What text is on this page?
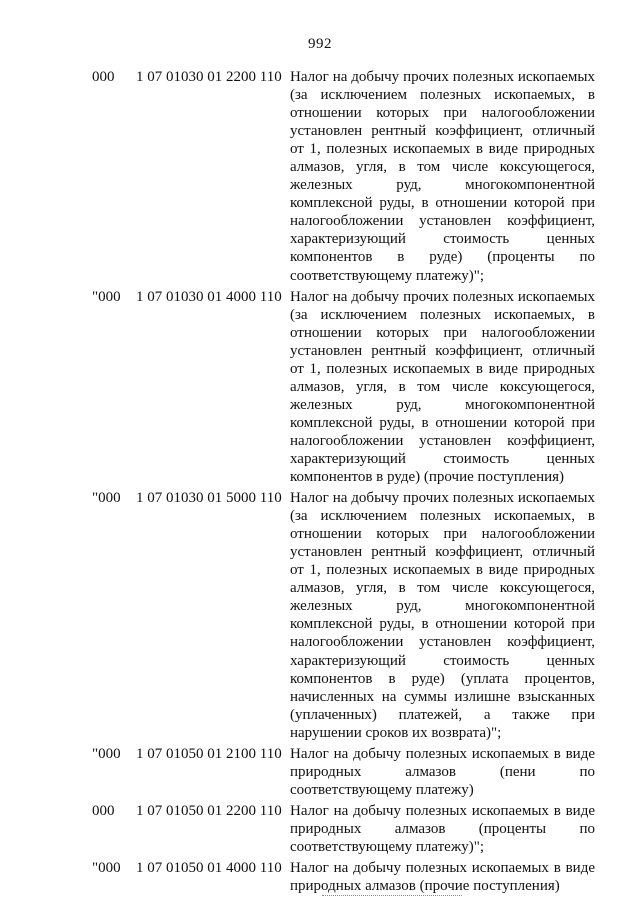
992
000 1 07 01030 01 2200 110 Налог на добычу прочих полезных ископаемых
(за исключением полезных ископаемых, в
отношении которых при налогообложении
установлен рентный коэффициент, отличный
от 1, полезных ископаемых в виде природных
алмазов, угля, в том числе коксующегося,
железных руд, многокомпонентной
комплексной руды, в отношении которой при
налогообложении установлен коэффициент,
характеризующий стоимость ценных
компонентов в руде) (проценты по
соответствующему платежу)";
"000 1 07 01030 01 4000 110 Налог на добычу прочих полезных ископаемых
(за исключением полезных ископаемых, в
отношении которых при налогообложении
установлен рентный коэффициент, отличный
от 1, полезных ископаемых в виде природных
алмазов, угля, в том числе коксующегося,
железных руд, многокомпонентной
комплексной руды, в отношении которой при
налогообложении установлен коэффициент,
характеризующий стоимость ценных
компонентов в руде) (прочие поступления)
"000 1 07 01030 01 5000 110 Налог на добычу прочих полезных ископаемых
(за исключением полезных ископаемых, в
отношении которых при налогообложении
установлен рентный коэффициент, отличный
от 1, полезных ископаемых в виде природных
алмазов, угля, в том числе коксующегося,
железных руд, многокомпонентной
комплексной руды, в отношении которой при
налогообложении установлен коэффициент,
характеризующий стоимость ценных
компонентов в руде) (уплата процентов,
начисленных на суммы излишне взысканных
(уплаченных) платежей, а также при
нарушении сроков их возврата)";
"000 1 07 01050 01 2100 110 Налог на добычу полезных ископаемых в виде
природных алмазов (пени по
соответствующему платежу)
000 1 07 01050 01 2200 110 Налог на добычу полезных ископаемых в виде
природных алмазов (проценты по
соответствующему платежу)";
"000 1 07 01050 01 4000 110 Налог на добычу полезных ископаемых в виде
природных алмазов (прочие поступления)
